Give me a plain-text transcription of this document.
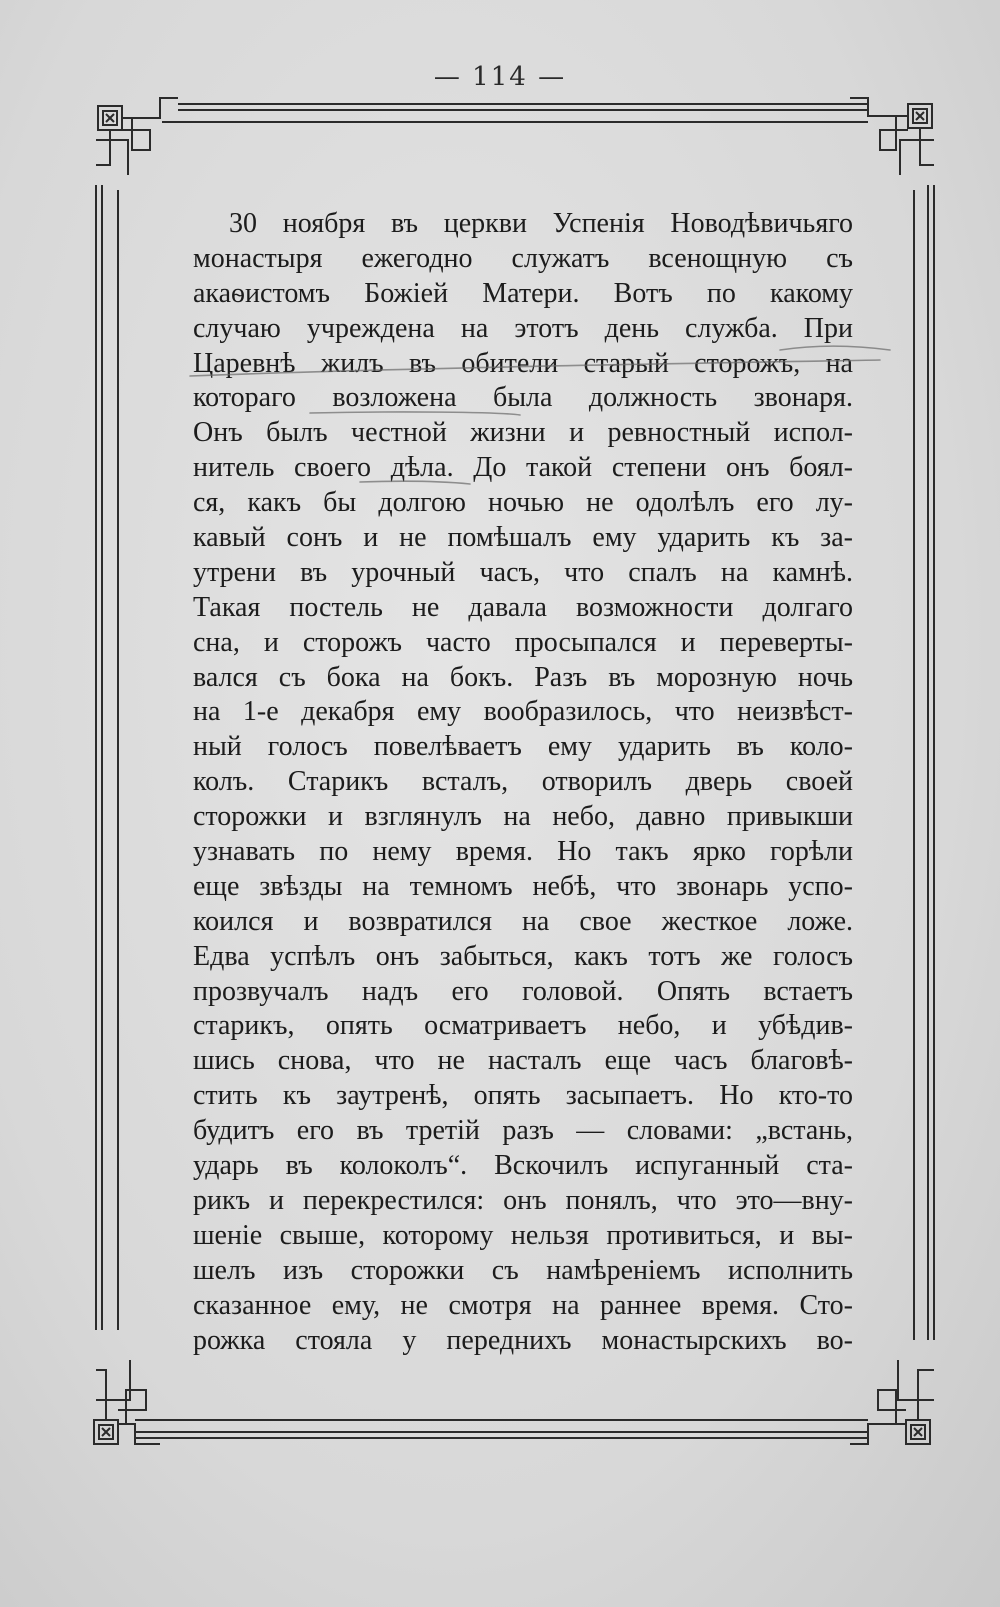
— 114 —
30 ноября въ церкви Успенія Новодѣвичьяго
монастыря ежегодно служатъ всенощную съ
акаѳистомъ Божіей Матери. Вотъ по какому
случаю учреждена на этотъ день служба. При
Царевнѣ жилъ въ обители старый сторожъ, на
котораго возложена была должность звонаря.
Онъ былъ честной жизни и ревностный испол-
нитель своего дѣла. До такой степени онъ боял-
ся, какъ бы долгою ночью не одолѣлъ его лу-
кавый сонъ и не помѣшалъ ему ударить къ за-
утрени въ урочный часъ, что спалъ на камнѣ.
Такая постель не давала возможности долгаго
сна, и сторожъ часто просыпался и переверты-
вался съ бока на бокъ. Разъ въ морозную ночь
на 1-е декабря ему вообразилось, что неизвѣст-
ный голосъ повелѣваетъ ему ударить въ коло-
колъ. Старикъ всталъ, отворилъ дверь своей
сторожки и взглянулъ на небо, давно привыкши
узнавать по нему время. Но такъ ярко горѣли
еще звѣзды на темномъ небѣ, что звонарь успо-
коился и возвратился на свое жесткое ложе.
Едва успѣлъ онъ забыться, какъ тотъ же голосъ
прозвучалъ надъ его головой. Опять встаетъ
старикъ, опять осматриваетъ небо, и убѣдив-
шись снова, что не насталъ еще часъ благовѣ-
стить къ заутренѣ, опять засыпаетъ. Но кто-то
будитъ его въ третій разъ — словами: „встань,
ударь въ колоколъ“. Вскочилъ испуганный ста-
рикъ и перекрестился: онъ понялъ, что это—вну-
шеніе свыше, которому нельзя противиться, и вы-
шелъ изъ сторожки съ намѣреніемъ исполнить
сказанное ему, не смотря на раннее время. Сто-
рожка стояла у переднихъ монастырскихъ во-
